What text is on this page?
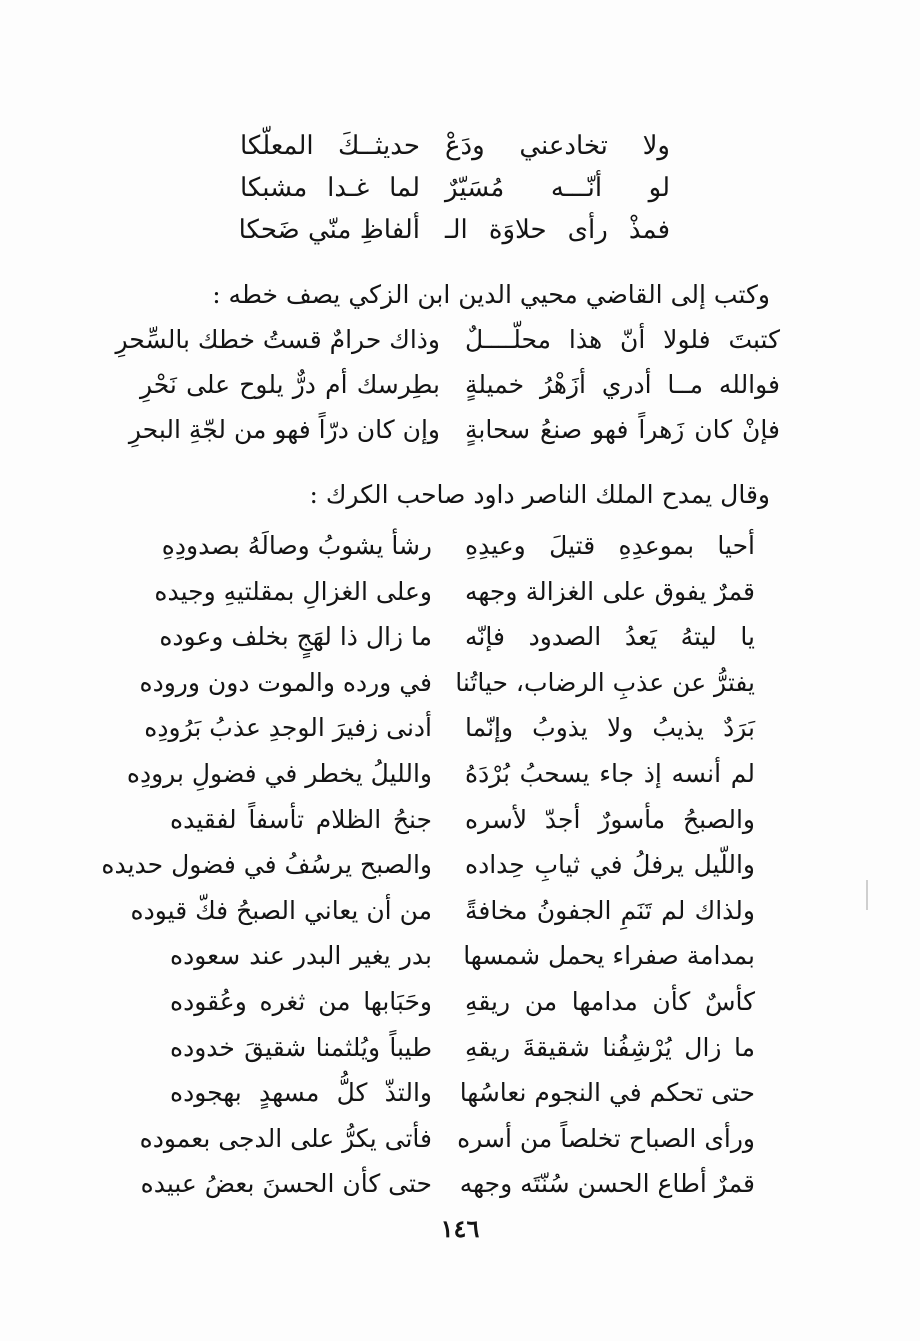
ولا تخادعني ودَعْ
حديثــكَ المعلّكا
لو أنّـــه مُسَيّرٌ
لما غـدا مشبكا
فمذْ رأى حلاوَة الـ
ألفاظِ منّي ضَحكا
وكتب إلى القاضي محيي الدين ابن الزكي يصف خطه :
كتبتَ فلولا أنّ هذا محلّــــلٌ
وذاك حرامٌ قستُ خطك بالسِّحرِ
فوالله مــا أدري أزَهْرُ خميلةٍ
بطِرسك أم درٌّ يلوح على نَحْرِ
فإنْ كان زَهراً فهو صنعُ سحابةٍ
وإن كان درّاً فهو من لجّةِ البحرِ
وقال يمدح الملك الناصر داود صاحب الكرك :
أحيا بموعدِهِ قتيلَ وعيدِهِ
رشأ يشوبُ وصالَهُ بصدودِهِ
قمرٌ يفوق على الغزالة وجهه
وعلى الغزالِ بمقلتيهِ وجيده
يا ليتهُ يَعدُ الصدود فإنّه
ما زال ذا لهَجٍ بخلف وعوده
يفترُّ عن عذبِ الرضاب، حياتُنا
في ورده والموت دون وروده
بَرَدٌ يذيبُ ولا يذوبُ وإنّما
أدنى زفيرَ الوجدِ عذبُ بَرُودِه
لم أنسه إذ جاء يسحبُ بُرْدَهُ
والليلُ يخطر في فضولِ برودِه
والصبحُ مأسورٌ أجدّ لأسره
جنحُ الظلام تأسفاً لفقيده
واللّيل يرفلُ في ثيابِ حِداده
والصبح يرسُفُ في فضول حديده
ولذاك لم تَنَمِ الجفونُ مخافةً
من أن يعاني الصبحُ فكّ قيوده
بمدامة صفراء يحمل شمسها
بدر يغير البدر عند سعوده
كأسٌ كأن مدامها من ريقهِ
وحَبَابها من ثغره وعُقوده
ما زال يُرْشِفُنا شقيقةَ ريقهِ
طيباً ويُلثمنا شقيقَ خدوده
حتى تحكم في النجوم نعاسُها
والتذّ كلُّ مسهدٍ بهجوده
ورأى الصباح تخلصاً من أسره
فأتى يكرُّ على الدجى بعموده
قمرٌ أطاع الحسن سُنّتَه وجهه
حتى كأن الحسنَ بعضُ عبيده
١٤٦
